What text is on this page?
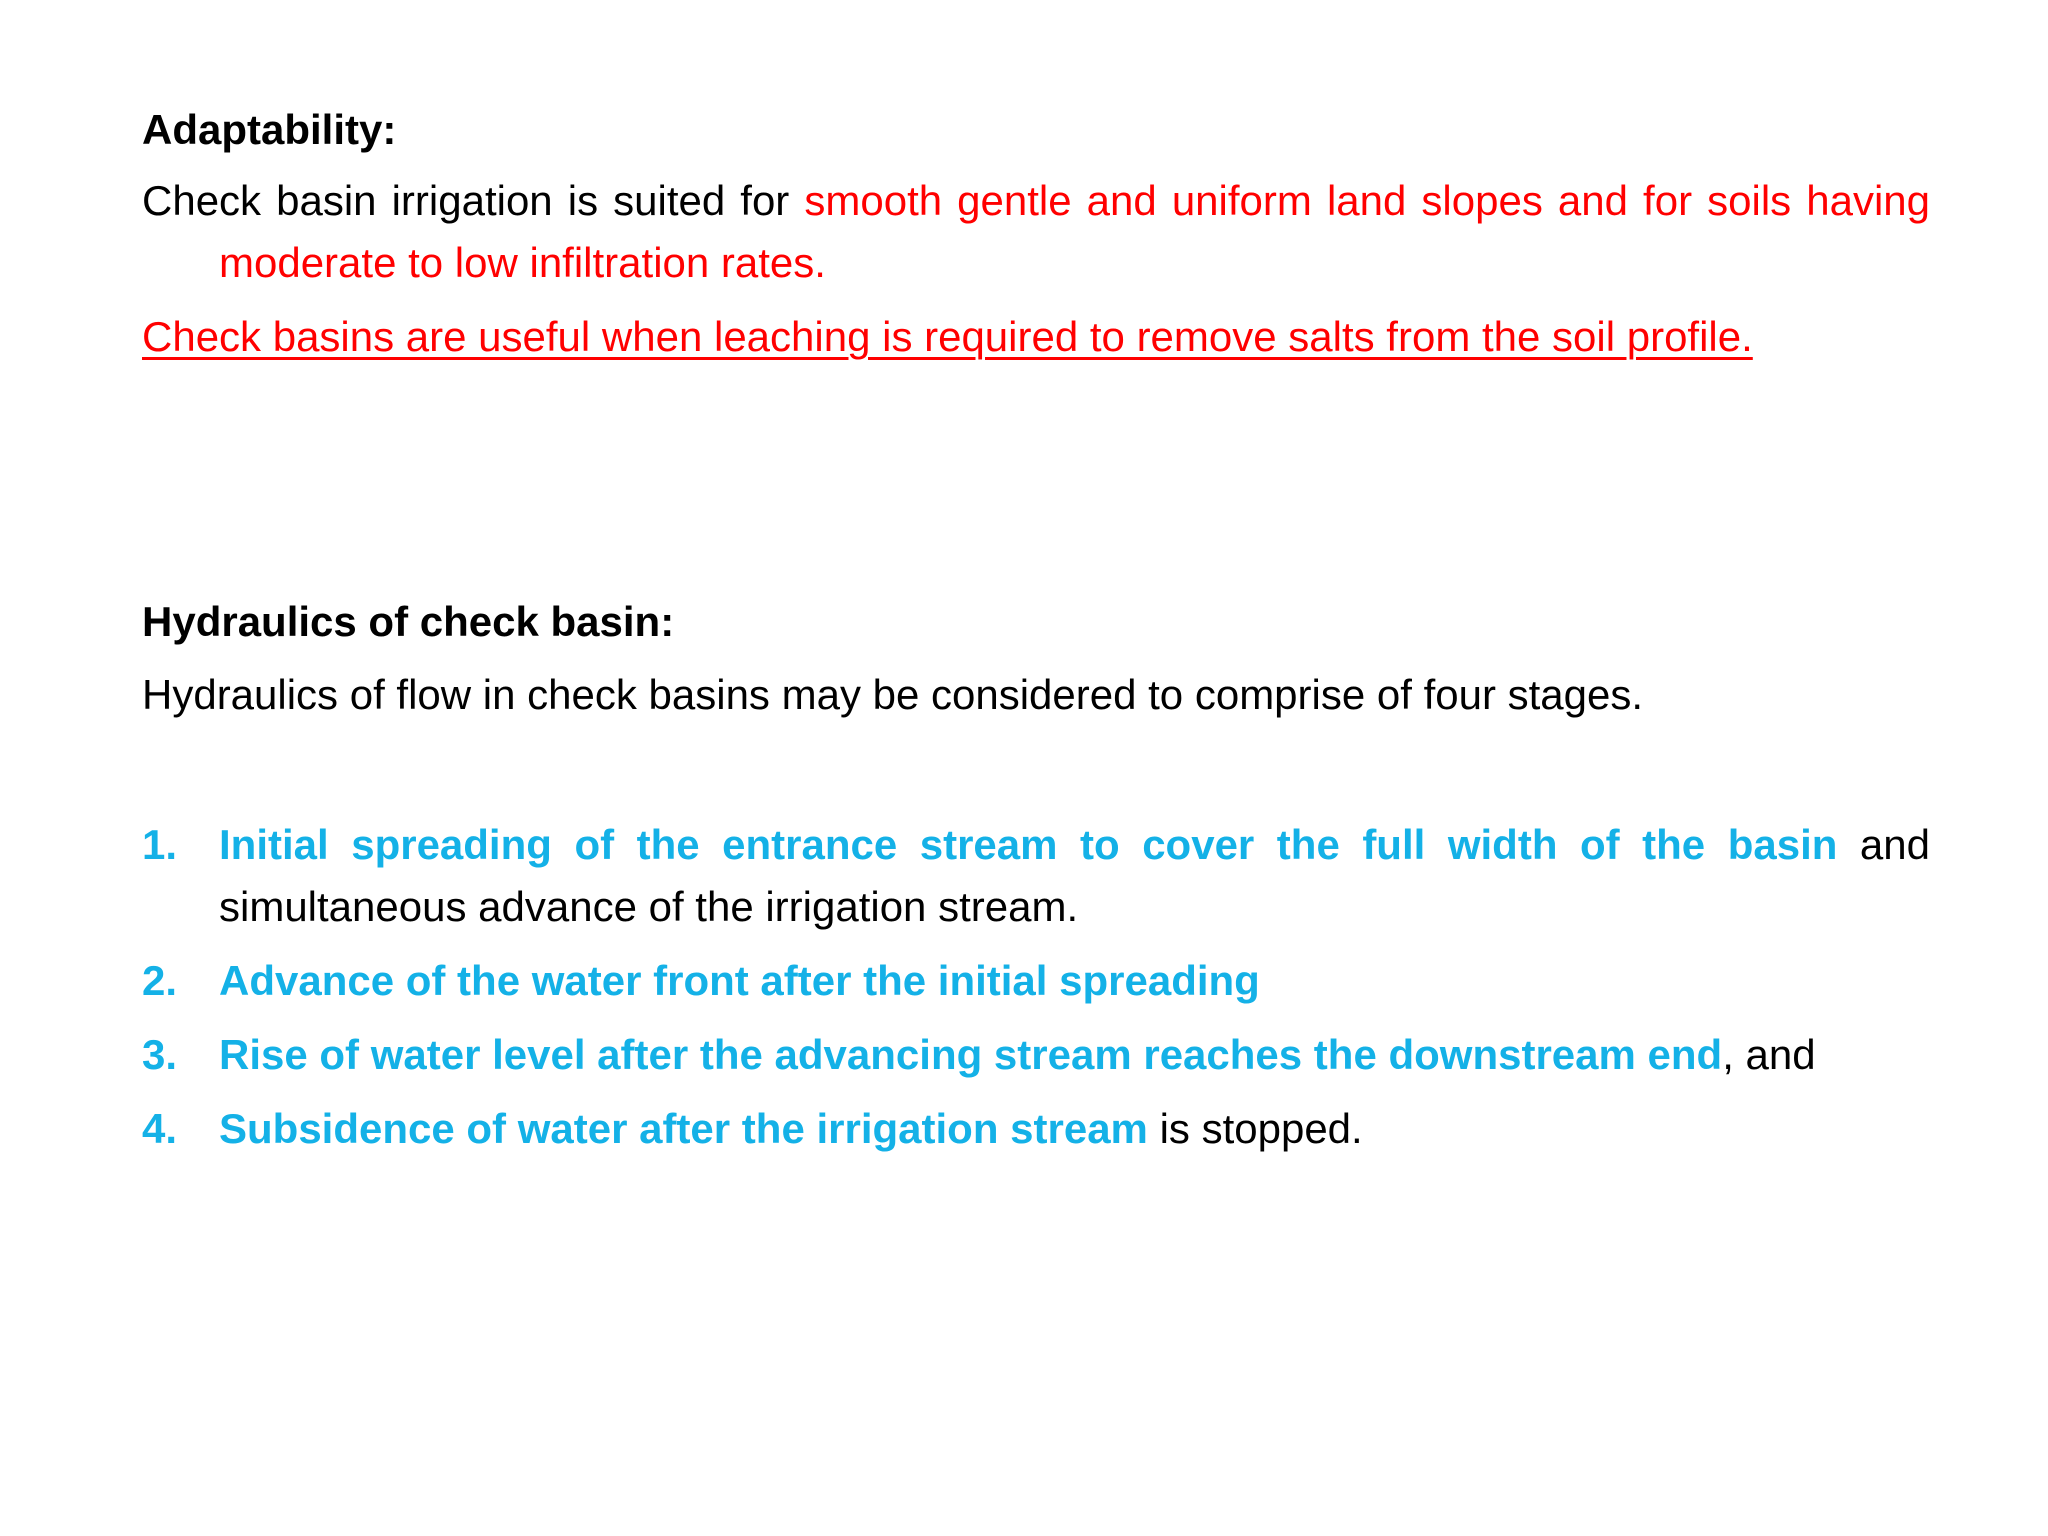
Adaptability:

Check basin irrigation is suited for smooth gentle and uniform land slopes and for soils having moderate to low infiltration rates.

Check basins are useful when leaching is required to remove salts from the soil profile.

Hydraulics of check basin:

Hydraulics of flow in check basins may be considered to comprise of four stages.

1. Initial spreading of the entrance stream to cover the full width of the basin and simultaneous advance of the irrigation stream.
2. Advance of the water front after the initial spreading
3. Rise of water level after the advancing stream reaches the downstream end, and
4. Subsidence of water after the irrigation stream is stopped.
